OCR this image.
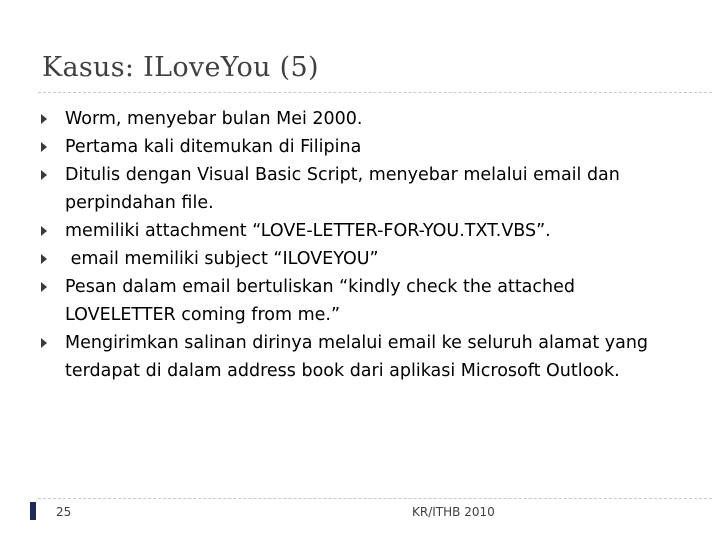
Kasus: ILoveYou (5)
Worm, menyebar bulan Mei 2000.
Pertama kali ditemukan di Filipina
Ditulis dengan Visual Basic Script, menyebar melalui email dan perpindahan file.
memiliki attachment “LOVE-LETTER-FOR-YOU.TXT.VBS”.
email memiliki subject “ILOVEYOU”
Pesan dalam email bertuliskan “kindly check the attached LOVELETTER coming from me.”
Mengirimkan salinan dirinya melalui email ke seluruh alamat yang terdapat di dalam address book dari aplikasi Microsoft Outlook.
25	KR/ITHB 2010
